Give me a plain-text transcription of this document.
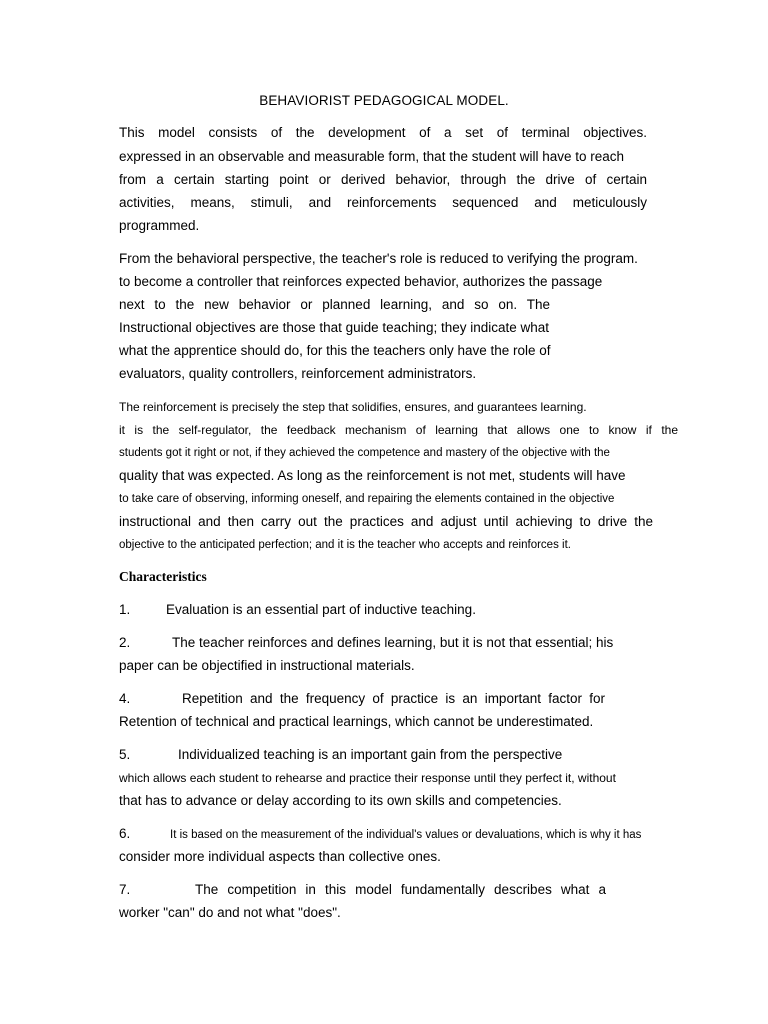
BEHAVIORIST PEDAGOGICAL MODEL.

This model consists of the development of a set of terminal objectives.

expressed in an observable and measurable form, that the student will have to reach

from a certain starting point or derived behavior, through the drive of certain

activities, means, stimuli, and reinforcements sequenced and meticulously

programmed.

From the behavioral perspective, the teacher's role is reduced to verifying the program.

to become a controller that reinforces expected behavior, authorizes the passage

next to the new behavior or planned learning, and so on. The

Instructional objectives are those that guide teaching; they indicate what

what the apprentice should do, for this the teachers only have the role of

evaluators, quality controllers, reinforcement administrators.

The reinforcement is precisely the step that solidifies, ensures, and guarantees learning.

it is the self-regulator, the feedback mechanism of learning that allows one to know if the

students got it right or not, if they achieved the competence and mastery of the objective with the

quality that was expected. As long as the reinforcement is not met, students will have

to take care of observing, informing oneself, and repairing the elements contained in the objective

instructional and then carry out the practices and adjust until achieving to drive the

objective to the anticipated perfection; and it is the teacher who accepts and reinforces it.

Characteristics

1.	Evaluation is an essential part of inductive teaching.

2.	The teacher reinforces and defines learning, but it is not that essential; his

paper can be objectified in instructional materials.

4.	Repetition and the frequency of practice is an important factor for

Retention of technical and practical learnings, which cannot be underestimated.

5.	Individualized teaching is an important gain from the perspective

which allows each student to rehearse and practice their response until they perfect it, without

that has to advance or delay according to its own skills and competencies.

6.	It is based on the measurement of the individual's values or devaluations, which is why it has

consider more individual aspects than collective ones.

7.	The competition in this model fundamentally describes what a

worker "can" do and not what "does".
